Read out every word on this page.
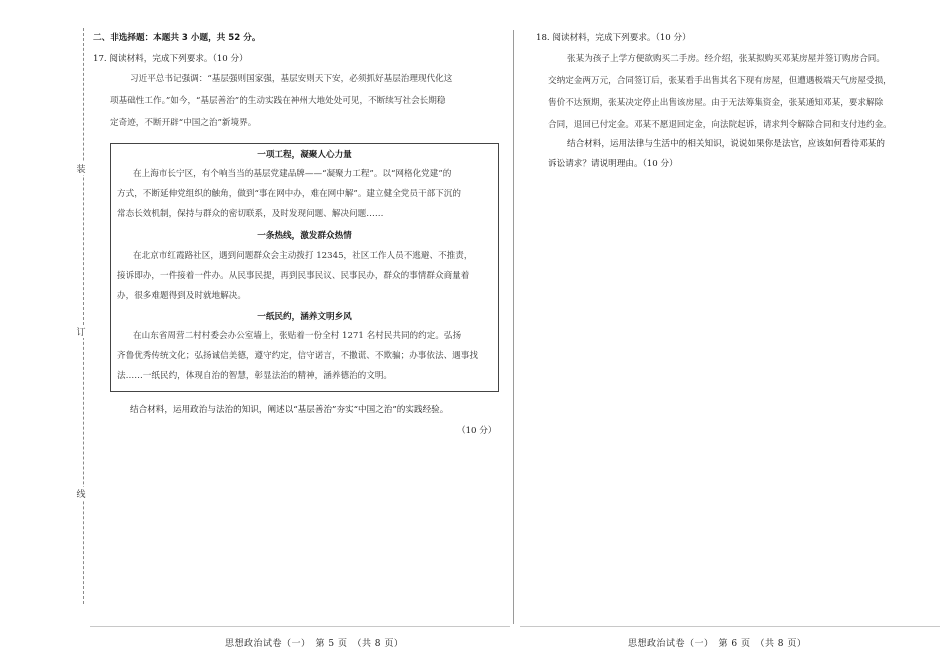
装
订
线
二、非选择题：本题共 3 小题，共 52 分。
17. 阅读材料，完成下列要求。（10 分）
习近平总书记强调：“基层强则国家强，基层安则天下安，必须抓好基层治理现代化这
项基础性工作。”如今，“基层善治”的生动实践在神州大地处处可见，不断续写社会长期稳
定奇迹，不断开辟“中国之治”新境界。
一项工程，凝聚人心力量
在上海市长宁区，有个响当当的基层党建品牌——“凝聚力工程”。以“网格化党建”的
方式，不断延伸党组织的触角，做到“事在网中办，难在网中解”。建立健全党员干部下沉的
常态长效机制，保持与群众的密切联系，及时发现问题、解决问题……
一条热线，激发群众热情
在北京市红霞路社区，遇到问题群众会主动拨打 12345，社区工作人员不逃避、不推责，
接诉即办，一件接着一件办。从民事民提，再到民事民议、民事民办，群众的事情群众商量着
办，很多难题得到及时就地解决。
一纸民约，涵养文明乡风
在山东省周营二村村委会办公室墙上，张贴着一份全村 1271 名村民共同的约定。弘扬
齐鲁优秀传统文化；弘扬诚信美德，遵守约定，信守诺言，不撒谎、不欺骗；办事依法、遇事找
法……一纸民约，体现自治的智慧，彰显法治的精神，涵养德治的文明。
结合材料，运用政治与法治的知识，阐述以“基层善治”夯实“中国之治”的实践经验。
（10 分）
思想政治试卷（一）　第 5 页　（共 8 页）
18. 阅读材料，完成下列要求。（10 分）
张某为孩子上学方便欲购买二手房。经介绍，张某拟购买邓某房屋并签订购房合同。
交纳定金两万元，合同签订后，张某看手出售其名下现有房屋，但遭遇极端天气房屋受损，
售价不达预期，张某决定停止出售该房屋。由于无法筹集资金，张某通知邓某，要求解除
合同，退回已付定金。邓某不愿退回定金，向法院起诉，请求判令解除合同和支付违约金。
结合材料，运用法律与生活中的相关知识，说说如果你是法官，应该如何看待邓某的
诉讼请求？请说明理由。（10 分）
思想政治试卷（一）　第 6 页　（共 8 页）
